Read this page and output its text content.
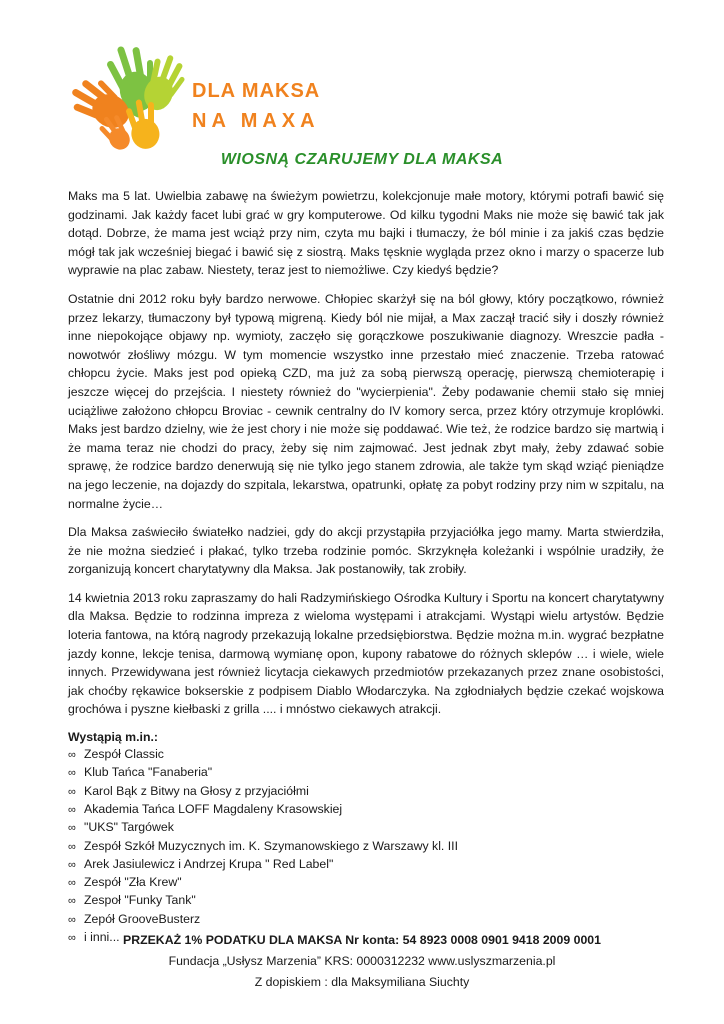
DLA MAKSA
NA MAXA
WIOSNĄ CZARUJEMY DLA MAKSA

Maks ma 5 lat. Uwielbia zabawę na świeżym powietrzu, kolekcjonuje małe motory, którymi potrafi bawić się godzinami. Jak każdy facet lubi grać w gry komputerowe. Od kilku tygodni Maks nie może się bawić tak jak dotąd. Dobrze, że mama jest wciąż przy nim, czyta mu bajki i tłumaczy, że ból minie i za jakiś czas będzie mógł tak jak wcześniej biegać i bawić się z siostrą. Maks tęsknie wygląda przez okno i marzy o spacerze lub wyprawie na plac zabaw. Niestety, teraz jest to niemożliwe. Czy kiedyś będzie?

Ostatnie dni 2012 roku były bardzo nerwowe. Chłopiec skarżył się na ból głowy, który początkowo, również przez lekarzy, tłumaczony był typową migreną. Kiedy ból nie mijał, a Max zaczął tracić siły i doszły również inne niepokojące objawy np. wymioty, zaczęło się gorączkowe poszukiwanie diagnozy. Wreszcie padła - nowotwór złośliwy mózgu. W tym momencie wszystko inne przestało mieć znaczenie. Trzeba ratować chłopcu życie. Maks jest pod opieką CZD, ma już za sobą pierwszą operację, pierwszą chemioterapię i jeszcze więcej do przejścia. I niestety również do "wycierpienia". Żeby podawanie chemii stało się mniej uciążliwe założono chłopcu Broviac - cewnik centralny do IV komory serca, przez który otrzymuje kroplówki. Maks jest bardzo dzielny, wie że jest chory i nie może się poddawać. Wie też, że rodzice bardzo się martwią i że mama teraz nie chodzi do pracy, żeby się nim zajmować. Jest jednak zbyt mały, żeby zdawać sobie sprawę, że rodzice bardzo denerwują się nie tylko jego stanem zdrowia, ale także tym skąd wziąć pieniądze na jego leczenie, na dojazdy do szpitala, lekarstwa, opatrunki, opłatę za pobyt rodziny przy nim w szpitalu, na normalne życie…

Dla Maksa zaświeciło światełko nadziei, gdy do akcji przystąpiła przyjaciółka jego mamy. Marta stwierdziła, że nie można siedzieć i płakać, tylko trzeba rodzinie pomóc. Skrzyknęła koleżanki i wspólnie uradziły, że zorganizują koncert charytatywny dla Maksa. Jak postanowiły, tak zrobiły.

14 kwietnia 2013 roku zapraszamy do hali Radzymińskiego Ośrodka Kultury i Sportu na koncert charytatywny dla Maksa. Będzie to rodzinna impreza z wieloma występami i atrakcjami. Wystąpi wielu artystów. Będzie loteria fantowa, na którą nagrody przekazują lokalne przedsiębiorstwa. Będzie można m.in. wygrać bezpłatne jazdy konne, lekcje tenisa, darmową wymianę opon, kupony rabatowe do różnych sklepów … i wiele, wiele innych. Przewidywana jest również licytacja ciekawych przedmiotów przekazanych przez znane osobistości, jak choćby rękawice bokserskie z podpisem Diablo Włodarczyka. Na zgłodniałych będzie czekać wojskowa grochówa i pyszne kiełbaski z grilla .... i mnóstwo ciekawych atrakcji.

Wystąpią m.in.:
∞ Zespół Classic
∞ Klub Tańca "Fanaberia"
∞ Karol Bąk z Bitwy na Głosy z przyjaciółmi
∞ Akademia Tańca LOFF Magdaleny Krasowskiej
∞ "UKS" Targówek
∞ Zespół Szkół Muzycznych im. K. Szymanowskiego z Warszawy kl. III
∞ Arek Jasiulewicz i Andrzej Krupa " Red Label"
∞ Zespół "Zła Krew"
∞ Zespoł "Funky Tank"
∞ Zepół GrooveBusterz
∞ i inni... PRZEKAŻ 1% PODATKU DLA MAKSA Nr konta: 54 8923 0008 0901 9418 2009 0001
Fundacja „Usłysz Marzenia” KRS: 0000312232 www.uslyszmarzenia.pl
Z dopiskiem : dla Maksymiliana Siuchty
